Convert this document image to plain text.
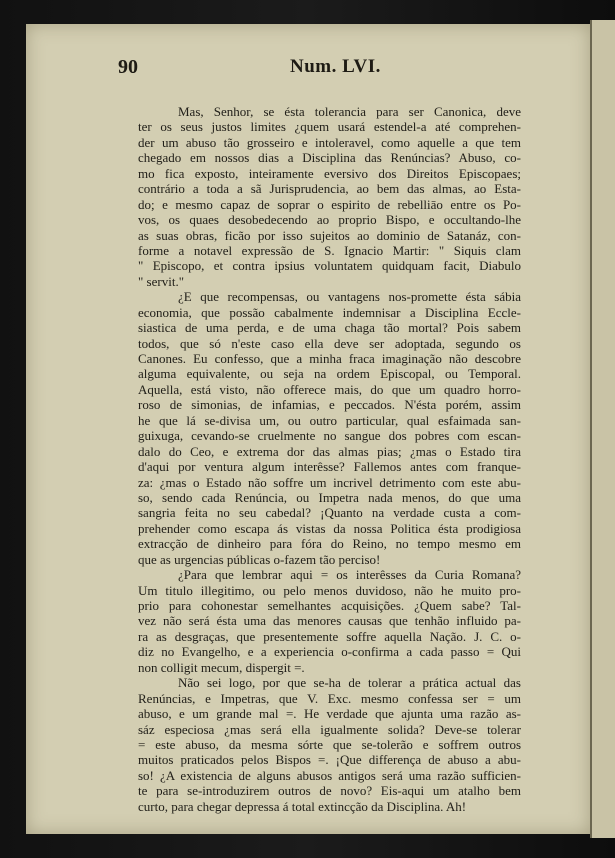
90	Num. LVI.
Mas, Senhor, se ésta tolerancia para ser Canonica, deve
ter os seus justos limites ¿quem usará estendel-a até comprehen-
der um abuso tão grosseiro e intoleravel, como aquelle a que tem
chegado em nossos dias a Disciplina das Renúncias? Abuso, co-
mo fica exposto, inteiramente eversivo dos Direitos Episcopaes;
contrário a toda a sã Jurisprudencia, ao bem das almas, ao Esta-
do; e mesmo capaz de soprar o espirito de rebelliāo entre os Po-
vos, os quaes desobedecendo ao proprio Bispo, e occultando-lhe
as suas obras, ficão por isso sujeitos ao dominio de Satanáz, con-
forme a notavel expressão de S. Ignacio Martir: " Siquis clam
" Episcopo, et contra ipsius voluntatem quidquam facit, Diabulo
" servit."
¿E que recompensas, ou vantagens nos-promette ésta sábia
economia, que possão cabalmente indemnisar a Disciplina Eccle-
siastica de uma perda, e de uma chaga tão mortal? Pois sabem
todos, que só n'este caso ella deve ser adoptada, segundo os
Canones. Eu confesso, que a minha fraca imaginação não descobre
alguma equivalente, ou seja na ordem Episcopal, ou Temporal.
Aquella, está visto, não offerece mais, do que um quadro horro-
roso de simonias, de infamias, e peccados. N'ésta porém, assim
he que lá se-divisa um, ou outro particular, qual esfaimada san-
guixuga, cevando-se cruelmente no sangue dos pobres com escan-
dalo do Ceo, e extrema dor das almas pias; ¿mas o Estado tira
d'aqui por ventura algum interêsse? Fallemos antes com franque-
za: ¿mas o Estado não soffre um incrivel detrimento com este abu-
so, sendo cada Renúncia, ou Impetra nada menos, do que uma
sangria feita no seu cabedal? ¡Quanto na verdade custa a com-
prehender como escapa ás vistas da nossa Politica ésta prodigiosa
extracção de dinheiro para fóra do Reino, no tempo mesmo em
que as urgencias públicas o-fazem tão perciso!
¿Para que lembrar aqui = os interêsses da Curia Romana?
Um titulo illegitimo, ou pelo menos duvidoso, não he muito pro-
prio para cohonestar semelhantes acquisições. ¿Quem sabe? Tal-
vez não será ésta uma das menores causas que tenhão influido pa-
ra as desgraças, que presentemente soffre aquella Nação. J. C. o-
diz no Evangelho, e a experiencia o-confirma a cada passo = Qui
non colligit mecum, dispergit =.
Não sei logo, por que se-ha de tolerar a prática actual das
Renúncias, e Impetras, que V. Exc. mesmo confessa ser = um
abuso, e um grande mal =. He verdade que ajunta uma razão as-
sáz especiosa ¿mas será ella igualmente solida? Deve-se tolerar
= este abuso, da mesma sórte que se-tolerão e soffrem outros
muitos praticados pelos Bispos =. ¡Que differença de abuso a abu-
so! ¿A existencia de alguns abusos antigos será uma razão sufficien-
te para se-introduzirem outros de novo? Eis-aqui um atalho bem
curto, para chegar depressa á total extincção da Disciplina. Ah!
